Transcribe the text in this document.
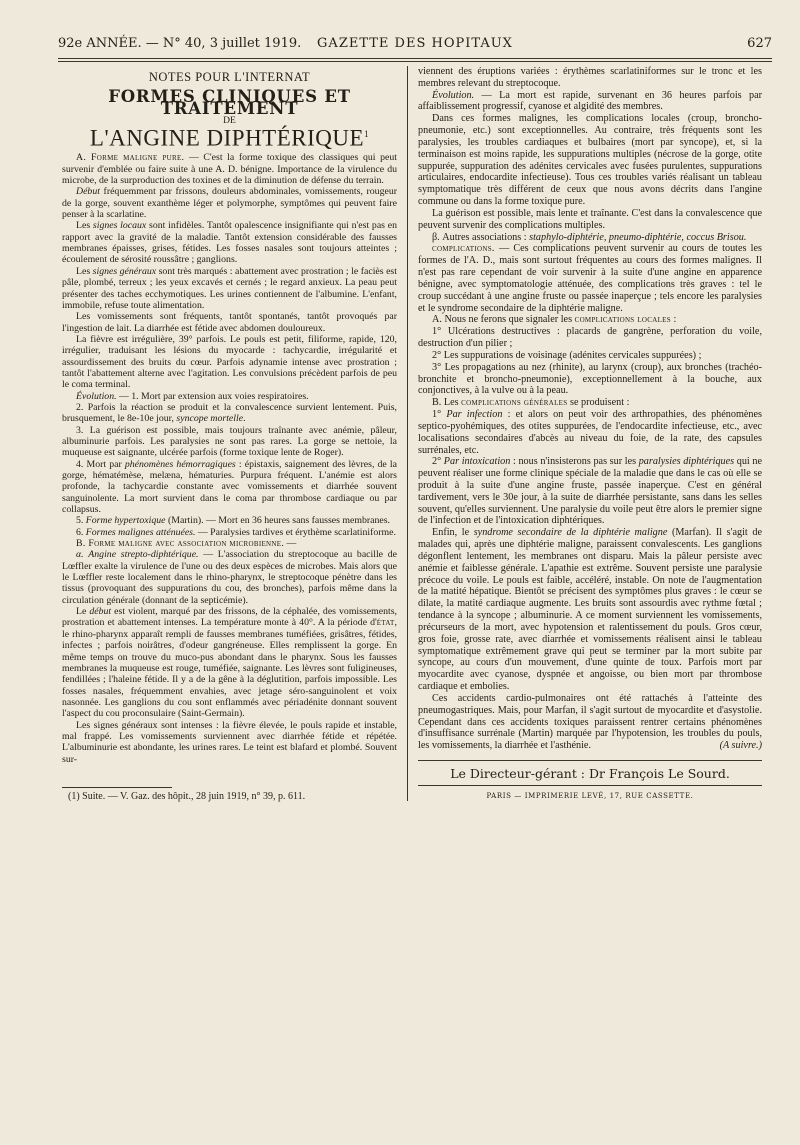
92e ANNÉE. — N° 40, 3 juillet 1919.	GAZETTE DES HOPITAUX	627
NOTES POUR L'INTERNAT
FORMES CLINIQUES ET TRAITEMENT
DE
L'ANGINE DIPHTÉRIQUE$^1$

A. Forme maligne pure. — C'est la forme toxique des classiques qui peut survenir d'emblée ou faire suite à une A. D. bénigne. Importance de la virulence du microbe, de la surproduction des toxines et de la diminution de défense du terrain.

Début fréquemment par frissons, douleurs abdominales, vomissements, rougeur de la gorge, souvent exanthème léger et polymorphe, symptômes qui peuvent faire penser à la scarlatine.

Les signes locaux sont infidèles. Tantôt opalescence insignifiante qui n'est pas en rapport avec la gravité de la maladie. Tantôt extension considérable des fausses membranes épaisses, grises, fétides. Les fosses nasales sont toujours atteintes ; écoulement de sérosité roussâtre ; ganglions.

Les signes généraux sont très marqués : abattement avec prostration ; le faciès est pâle, plombé, terreux ; les yeux excavés et cernés ; le regard anxieux. La peau peut présenter des taches ecchymotiques. Les urines contiennent de l'albumine. L'enfant, immobile, refuse toute alimentation.

Les vomissements sont fréquents, tantôt spontanés, tantôt provoqués par l'ingestion de lait. La diarrhée est fétide avec abdomen douloureux.

La fièvre est irrégulière, 39° parfois. Le pouls est petit, filiforme, rapide, 120, irrégulier, traduisant les lésions du myocarde : tachycardie, irrégularité et assourdissement des bruits du cœur. Parfois adynamie intense avec prostration ; tantôt l'abattement alterne avec l'agitation. Les convulsions précèdent parfois de peu le coma terminal.

Évolution. — 1. Mort par extension aux voies respiratoires.

2. Parfois la réaction se produit et la convalescence survient lentement. Puis, brusquement, le 8e-10e jour, syncope mortelle.

3. La guérison est possible, mais toujours traînante avec anémie, pâleur, albuminurie parfois. Les paralysies ne sont pas rares. La gorge se nettoie, la muqueuse est saignante, ulcérée parfois (forme toxique lente de Roger).

4. Mort par phénomènes hémorragiques : épistaxis, saignement des lèvres, de la gorge, hématémèse, melæna, hématuries. Purpura fréquent. L'anémie est alors profonde, la tachycardie constante avec vomissements et diarrhée souvent sanguinolente. La mort survient dans le coma par thrombose cardiaque ou par collapsus.

5. Forme hypertoxique (Martin). — Mort en 36 heures sans fausses membranes.

6. Formes malignes atténuées. — Paralysies tardives et érythème scarlatiniforme.

B. Forme maligne avec association microbienne. —

α. Angine strepto-diphtérique. — L'association du streptocoque au bacille de Lœffler exalte la virulence de l'une ou des deux espèces de microbes. Mais alors que le Lœffler reste localement dans le rhino-pharynx, le streptocoque pénètre dans les tissus (provoquant des suppurations du cou, des bronches), parfois même dans la circulation générale (donnant de la septicémie).

Le début est violent, marqué par des frissons, de la céphalée, des vomissements, prostration et abattement intenses. La température monte à 40°. A la période d'état, le rhino-pharynx apparaît rempli de fausses membranes tuméfiées, grisâtres, fétides, infectes ; parfois noirâtres, d'odeur gangréneuse. Elles remplissent la gorge. En même temps on trouve du muco-pus abondant dans le pharynx. Sous les fausses membranes la muqueuse est rouge, tuméfiée, saignante. Les lèvres sont fuligineuses, fendillées ; l'haleine fétide. Il y a de la gêne à la déglutition, parfois impossible. Les fosses nasales, fréquemment envahies, avec jetage séro-sanguinolent et voix nasonnée. Les ganglions du cou sont enflammés avec périadénite donnant souvent l'aspect du cou proconsulaire (Saint-Germain).

Les signes généraux sont intenses : la fièvre élevée, le pouls rapide et instable, mal frappé. Les vomissements surviennent avec diarrhée fétide et répétée. L'albuminurie est abondante, les urines rares. Le teint est blafard et plombé. Souvent sur-

viennent des éruptions variées : érythèmes scarlatiniformes sur le tronc et les membres relevant du streptocoque.

Évolution. — La mort est rapide, survenant en 36 heures parfois par affaiblissement progressif, cyanose et algidité des membres.

Dans ces formes malignes, les complications locales (croup, broncho-pneumonie, etc.) sont exceptionnelles. Au contraire, très fréquents sont les paralysies, les troubles cardiaques et bulbaires (mort par syncope), et, si la terminaison est moins rapide, les suppurations multiples (nécrose de la gorge, otite suppurée, suppuration des adénites cervicales avec fusées purulentes, suppurations articulaires, endocardite infectieuse). Tous ces troubles variés réalisant un tableau symptomatique très différent de ceux que nous avons décrits dans l'angine commune ou dans la forme toxique pure.

La guérison est possible, mais lente et traînante. C'est dans la convalescence que peuvent survenir des complications multiples.

β. Autres associations : staphylo-diphtérie, pneumo-diphtérie, coccus Brisou.

complications. — Ces complications peuvent survenir au cours de toutes les formes de l'A. D., mais sont surtout fréquentes au cours des formes malignes. Il n'est pas rare cependant de voir survenir à la suite d'une angine en apparence bénigne, avec symptomatologie atténuée, des complications très graves : tel le croup succédant à une angine fruste ou passée inaperçue ; tels encore les paralysies et le syndrome secondaire de la diphtérie maligne.

A. Nous ne ferons que signaler les complications locales :

1° Ulcérations destructives : placards de gangrène, perforation du voile, destruction d'un pilier ;

2° Les suppurations de voisinage (adénites cervicales suppurées) ;

3° Les propagations au nez (rhinite), au larynx (croup), aux bronches (trachéo-bronchite et broncho-pneumonie), exceptionnellement à la bouche, aux conjonctives, à la vulve ou à la peau.

B. Les complications générales se produisent :

1° Par infection : et alors on peut voir des arthropathies, des phénomènes septico-pyohémiques, des otites suppurées, de l'endocardite infectieuse, etc., avec localisations secondaires d'abcès au niveau du foie, de la rate, des capsules surrénales, etc.

2° Par intoxication : nous n'insisterons pas sur les paralysies diphtériques qui ne peuvent réaliser une forme clinique spéciale de la maladie que dans le cas où elle se produit à la suite d'une angine fruste, passée inaperçue. C'est en général tardivement, vers le 30e jour, à la suite de diarrhée persistante, sans dans les selles souvent, qu'elles surviennent. Une paralysie du voile peut être alors le premier signe de l'infection et de l'intoxication diphtériques.

Enfin, le syndrome secondaire de la diphtérie maligne (Marfan). Il s'agit de malades qui, après une diphtérie maligne, paraissent convalescents. Les ganglions dégonflent lentement, les membranes ont disparu. Mais la pâleur persiste avec anémie et faiblesse générale. L'apathie est extrême. Souvent persiste une paralysie précoce du voile. Le pouls est faible, accéléré, instable. On note de l'augmentation de la matité hépatique. Bientôt se précisent des symptômes plus graves : le cœur se dilate, la matité cardiaque augmente. Les bruits sont assourdis avec rythme fœtal ; tendance à la syncope ; albuminurie. A ce moment surviennent les vomissements, précurseurs de la mort, avec hypotension et ralentissement du pouls. Gros cœur, gros foie, grosse rate, avec diarrhée et vomissements réalisent ainsi le tableau symptomatique extrêmement grave qui peut se terminer par la mort subite par syncope, au cours d'un mouvement, d'une quinte de toux. Parfois mort par myocardite avec cyanose, dyspnée et angoisse, ou bien mort par thrombose cardiaque et embolies.

Ces accidents cardio-pulmonaires ont été rattachés à l'atteinte des pneumogastriques. Mais, pour Marfan, il s'agit surtout de myocardite et d'asystolie. Cependant dans ces accidents toxiques paraissent rentrer certains phénomènes d'insuffisance surrénale (Martin) marquée par l'hypotension, les troubles du pouls, les vomissements, la diarrhée et l'asthénie.	(A suivre.)

Le Directeur-gérant : Dr François Le Sourd.
PARIS — IMPRIMERIE LEVÉ, 17, RUE CASSETTE.
(1) Suite. — V. Gaz. des hôpit., 28 juin 1919, n° 39, p. 611.
